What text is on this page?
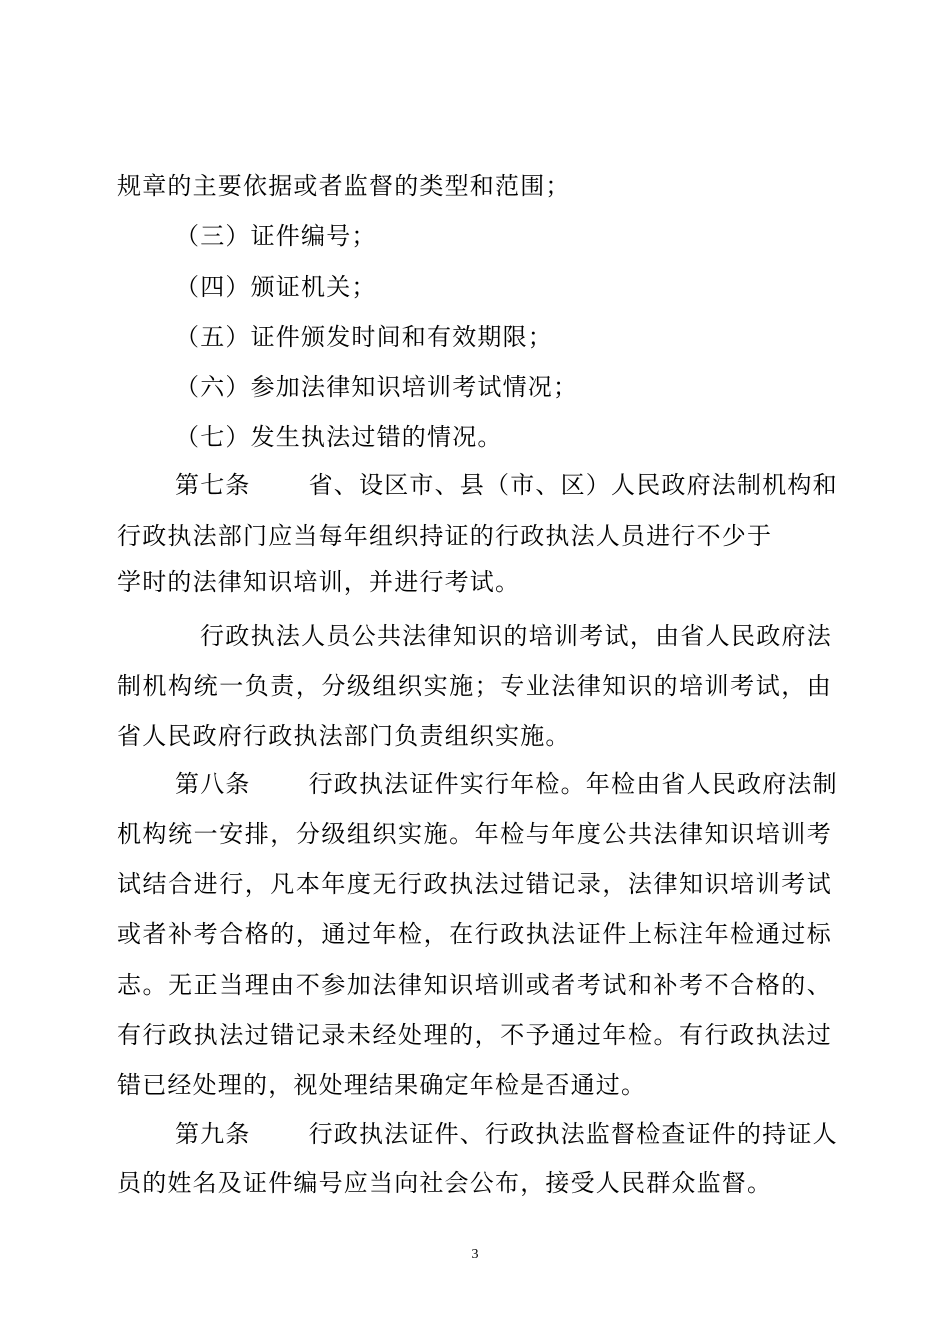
规章的主要依据或者监督的类型和范围；
（三）证件编号；
（四）颁证机关；
（五）证件颁发时间和有效期限；
（六）参加法律知识培训考试情况；
（七）发生执法过错的情况。
第七条 省、设区市、县（市、区）人民政府法制机构和
行政执法部门应当每年组织持证的行政执法人员进行不少于
学时的法律知识培训，并进行考试。
行政执法人员公共法律知识的培训考试，由省人民政府法
制机构统一负责，分级组织实施；专业法律知识的培训考试，由
省人民政府行政执法部门负责组织实施。
第八条 行政执法证件实行年检。年检由省人民政府法制
机构统一安排，分级组织实施。年检与年度公共法律知识培训考
试结合进行，凡本年度无行政执法过错记录，法律知识培训考试
或者补考合格的，通过年检，在行政执法证件上标注年检通过标
志。无正当理由不参加法律知识培训或者考试和补考不合格的、
有行政执法过错记录未经处理的，不予通过年检。有行政执法过
错已经处理的，视处理结果确定年检是否通过。
第九条 行政执法证件、行政执法监督检查证件的持证人
员的姓名及证件编号应当向社会公布，接受人民群众监督。
3
